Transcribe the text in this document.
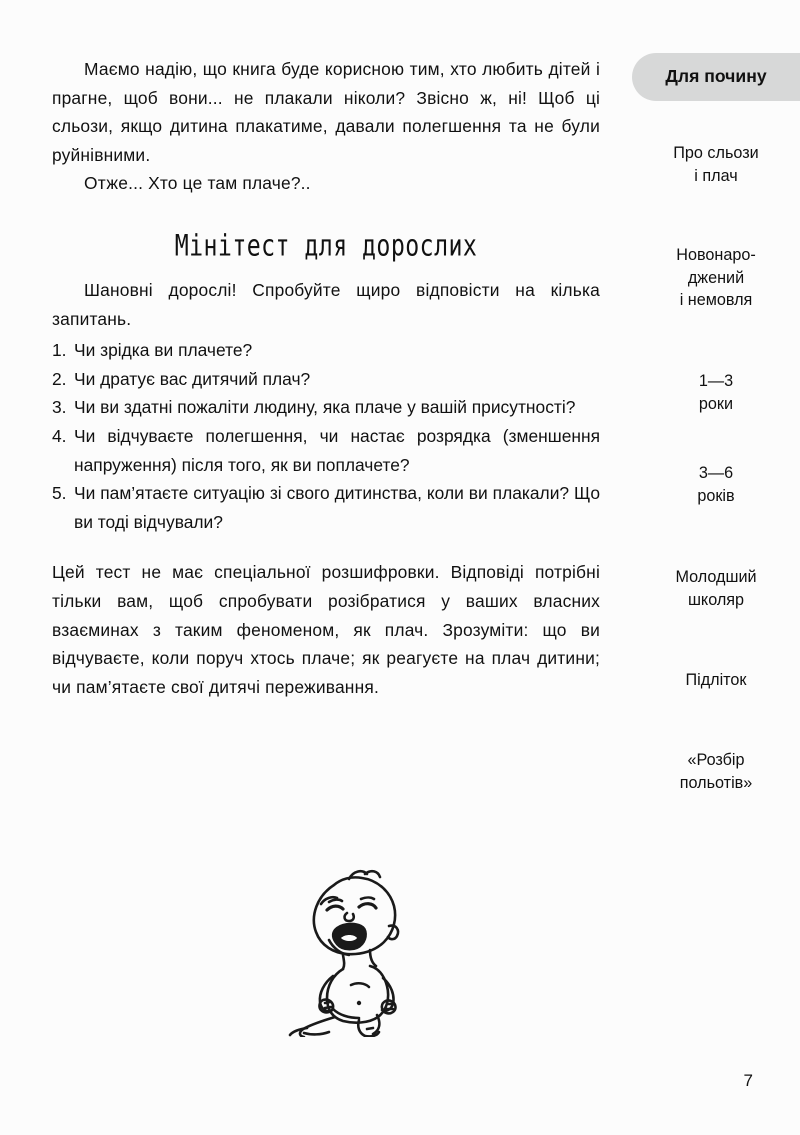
Маємо надію, що книга буде корисною тим, хто любить дітей і прагне, щоб вони... не плакали ніколи? Звісно ж, ні! Щоб ці сльози, якщо дитина плакатиме, давали полегшення та не були руйнівними.

Отже... Хто це там плаче?..

Мінітест для дорослих

Шановні дорослі! Спробуйте щиро відповісти на кілька запитань.

1. Чи зрідка ви плачете?
2. Чи дратує вас дитячий плач?
3. Чи ви здатні пожаліти людину, яка плаче у вашій присутності?
4. Чи відчуваєте полегшення, чи настає розрядка (зменшення напруження) після того, як ви поплачете?
5. Чи пам’ятаєте ситуацію зі свого дитинства, коли ви плакали? Що ви тоді відчували?

Цей тест не має спеціальної розшифровки. Відповіді потрібні тільки вам, щоб спробувати розібратися у ваших власних взаєминах з таким феноменом, як плач. Зрозуміти: що ви відчуваєте, коли поруч хтось плаче; як реагуєте на плач дитини; чи пам’ятаєте свої дитячі переживання.

Для почину
Про сльози
і плач
Новонаро-
джений
і немовля
1—3
роки
3—6
років
Молодший
школяр
Підліток
«Розбір
польотів»
7
